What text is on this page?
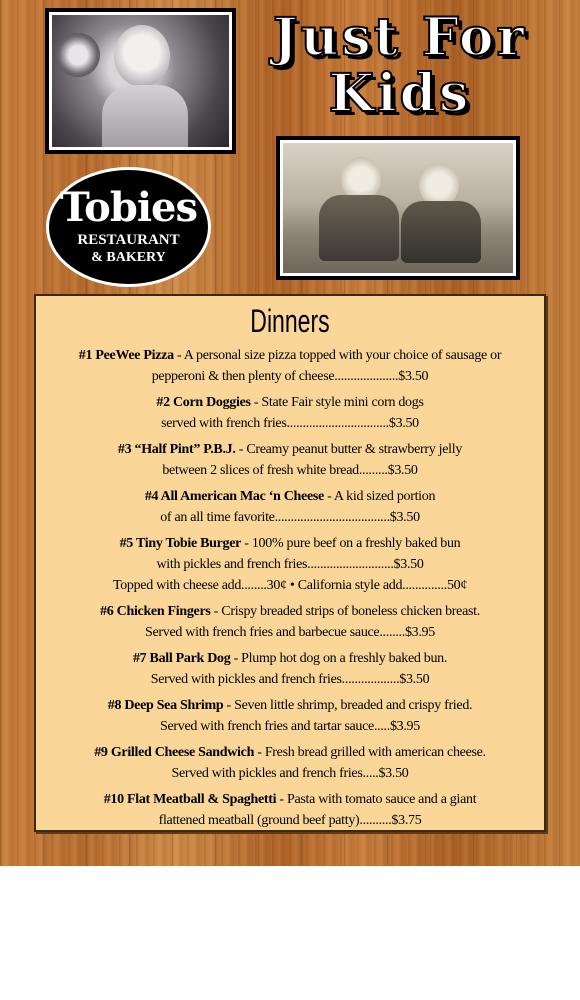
Just For
Kids
Tobies
RESTAURANT
& BAKERY
Dinners
#1 PeeWee Pizza - A personal size pizza topped with your choice of sausage or
pepperoni & then plenty of cheese....................$3.50
#2 Corn Doggies - State Fair style mini corn dogs
served with french fries................................$3.50
#3 “Half Pint” P.B.J. - Creamy peanut butter & strawberry jelly
between 2 slices of fresh white bread.........$3.50
#4 All American Mac ‘n Cheese - A kid sized portion
of an all time favorite....................................$3.50
#5 Tiny Tobie Burger - 100% pure beef on a freshly baked bun
with pickles and french fries...........................$3.50
Topped with cheese add........30¢ • California style add..............50¢
#6 Chicken Fingers - Crispy breaded strips of boneless chicken breast.
Served with french fries and barbecue sauce........$3.95
#7 Ball Park Dog - Plump hot dog on a freshly baked bun.
Served with pickles and french fries..................$3.50
#8 Deep Sea Shrimp - Seven little shrimp, breaded and crispy fried.
Served with french fries and tartar sauce.....$3.95
#9 Grilled Cheese Sandwich - Fresh bread grilled with american cheese.
Served with pickles and french fries.....$3.50
#10 Flat Meatball & Spaghetti - Pasta with tomato sauce and a giant
flattened meatball (ground beef patty)..........$3.75
